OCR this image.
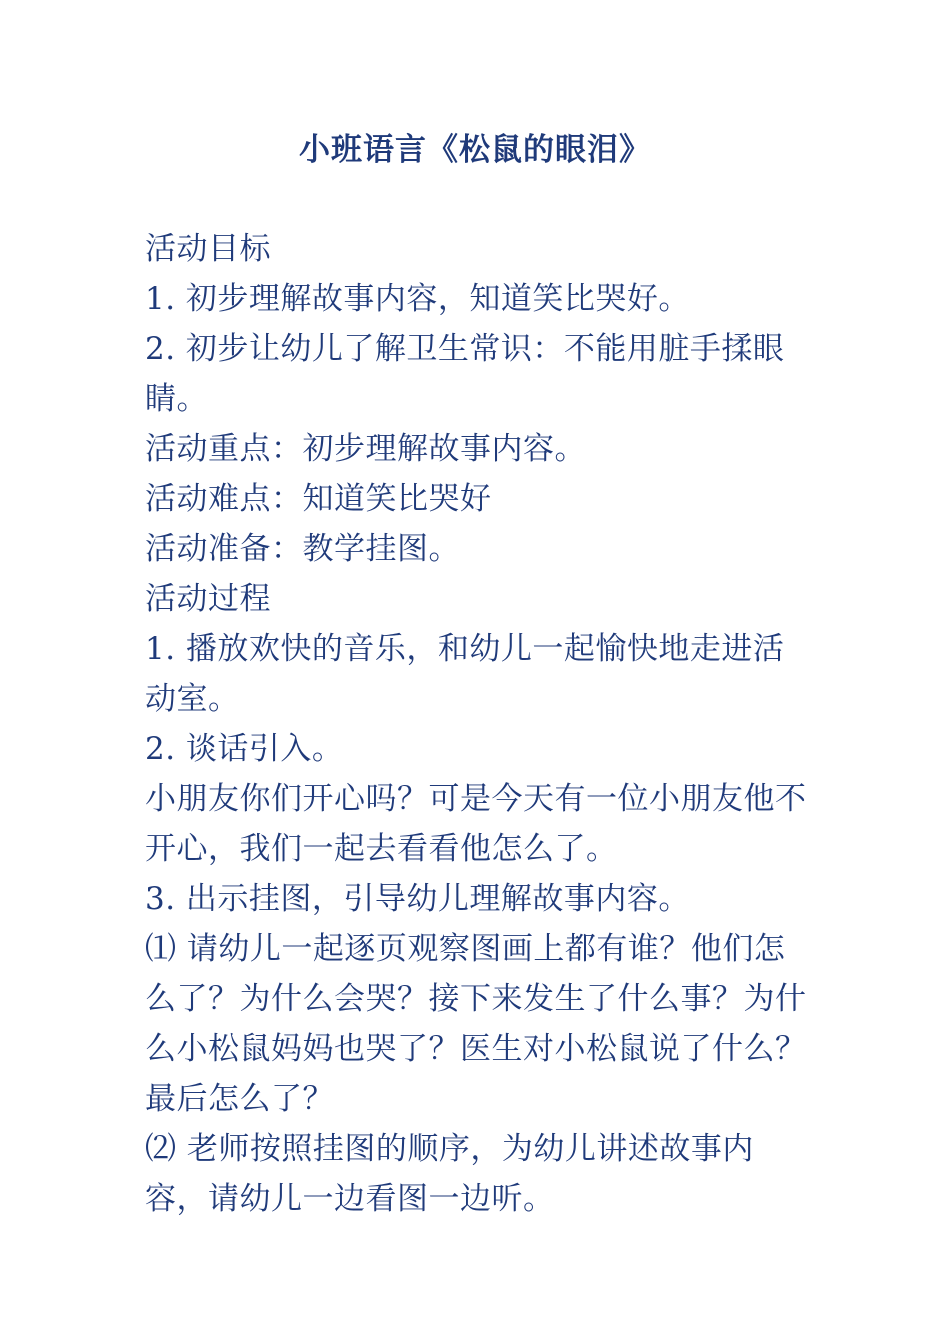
小班语言《松鼠的眼泪》

活动目标

1. 初步理解故事内容，知道笑比哭好。

2. 初步让幼儿了解卫生常识：不能用脏手揉眼睛。

活动重点：初步理解故事内容。

活动难点：知道笑比哭好

活动准备：教学挂图。

活动过程

1. 播放欢快的音乐，和幼儿一起愉快地走进活动室。

2. 谈话引入。

小朋友你们开心吗？可是今天有一位小朋友他不开心，我们一起去看看他怎么了。

3. 出示挂图，引导幼儿理解故事内容。

⑴ 请幼儿一起逐页观察图画上都有谁？他们怎么了？为什么会哭？接下来发生了什么事？为什么小松鼠妈妈也哭了？医生对小松鼠说了什么？最后怎么了？

⑵ 老师按照挂图的顺序，为幼儿讲述故事内容，请幼儿一边看图一边听。
